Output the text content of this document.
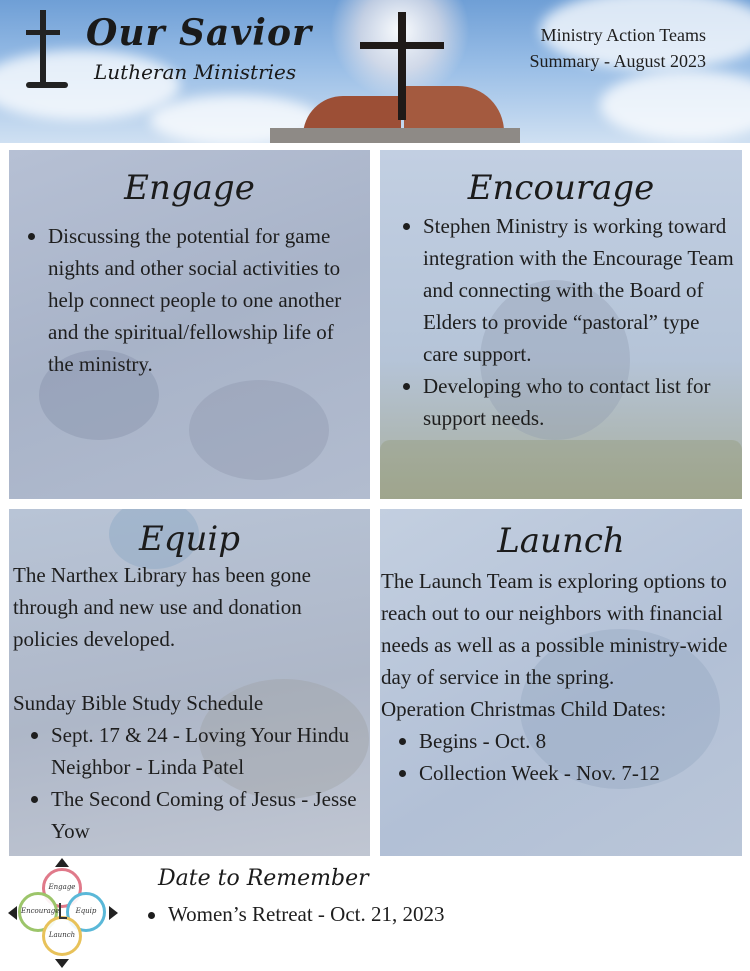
Our Savior
Lutheran Ministries
Ministry Action Teams
Summary - August 2023
Engage
Discussing the potential for game nights and other social activities to help connect people to one another and the spiritual/fellowship life of the ministry.
Encourage
Stephen Ministry is working toward integration with the Encourage Team and connecting with the Board of Elders to provide “pastoral” type care support.
Developing who to contact list for support needs.
Equip
The Narthex Library has been gone through and new use and donation policies developed.
Sunday Bible Study Schedule
Sept. 17 & 24 - Loving Your Hindu Neighbor - Linda Patel
The Second Coming of Jesus - Jesse Yow
Launch
The Launch Team is exploring options to reach out to our neighbors with financial needs as well as a possible ministry-wide day of service in the spring.
Operation Christmas Child Dates:
Begins - Oct. 8
Collection Week - Nov. 7-12
Engage
Encourage	Equip
Launch
Date to Remember
Women’s Retreat - Oct. 21, 2023
